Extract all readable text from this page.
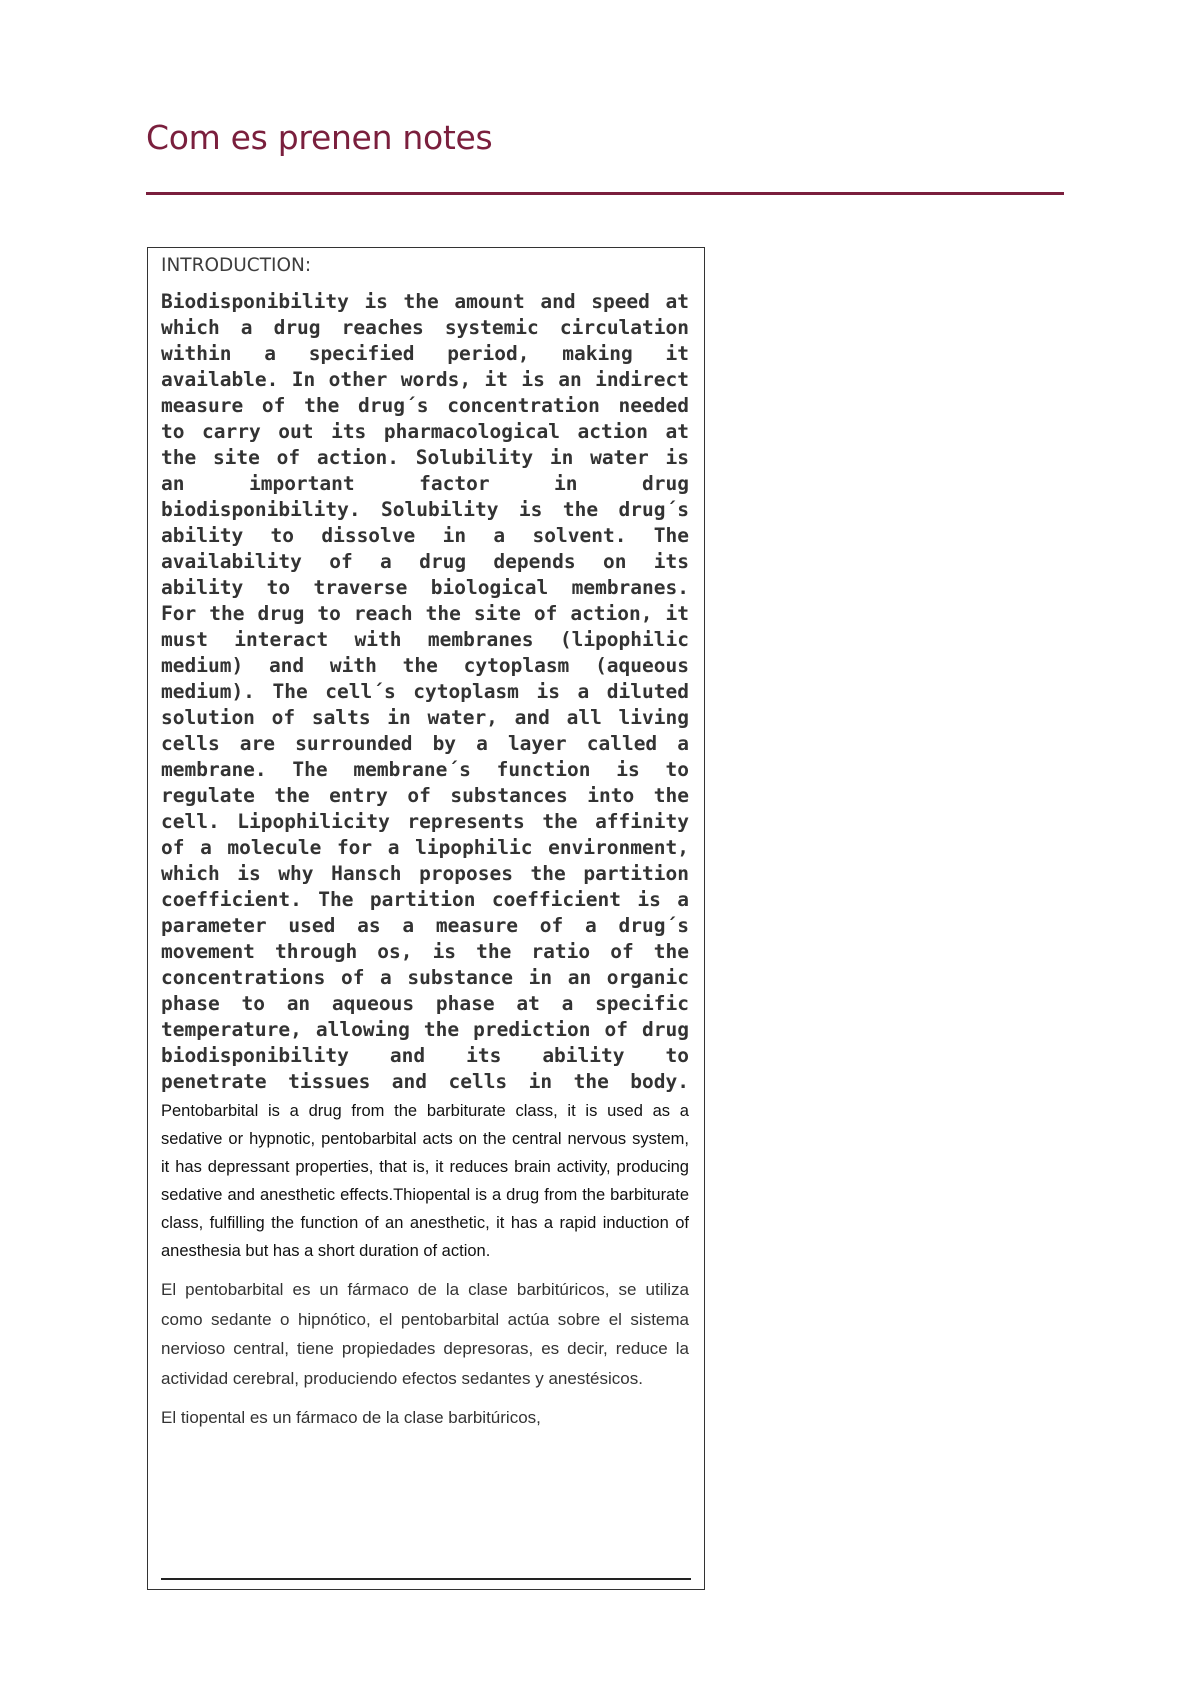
Com es prenen notes
INTRODUCTION:

Biodisponibility is the amount and speed at which a drug reaches systemic circulation within a specified period, making it available. In other words, it is an indirect measure of the drug´s concentration needed to carry out its pharmacological action at the site of action. Solubility in water is an important factor in drug biodisponibility. Solubility is the drug´s ability to dissolve in a solvent. The availability of a drug depends on its ability to traverse biological membranes. For the drug to reach the site of action, it must interact with membranes (lipophilic medium) and with the cytoplasm (aqueous medium). The cell´s cytoplasm is a diluted solution of salts in water, and all living cells are surrounded by a layer called a membrane. The membrane´s function is to regulate the entry of substances into the cell. Lipophilicity represents the affinity of a molecule for a lipophilic environment, which is why Hansch proposes the partition coefficient. The partition coefficient is a parameter used as a measure of a drug´s movement through os, is the ratio of the concentrations of a substance in an organic phase to an aqueous phase at a specific temperature, allowing the prediction of drug biodisponibility and its ability to penetrate tissues and cells in the body. Pentobarbital is a drug from the barbiturate class, it is used as a sedative or hypnotic, pentobarbital acts on the central nervous system, it has depressant properties, that is, it reduces brain activity, producing sedative and anesthetic effects.Thiopental is a drug from the barbiturate class, fulfilling the function of an anesthetic, it has a rapid induction of anesthesia but has a short duration of action.

El pentobarbital es un fármaco de la clase barbitúricos, se utiliza como sedante o hipnótico, el pentobarbital actúa sobre el sistema nervioso central, tiene propiedades depresoras, es decir, reduce la actividad cerebral, produciendo efectos sedantes y anestésicos.

El tiopental es un fármaco de la clase barbitúricos,
